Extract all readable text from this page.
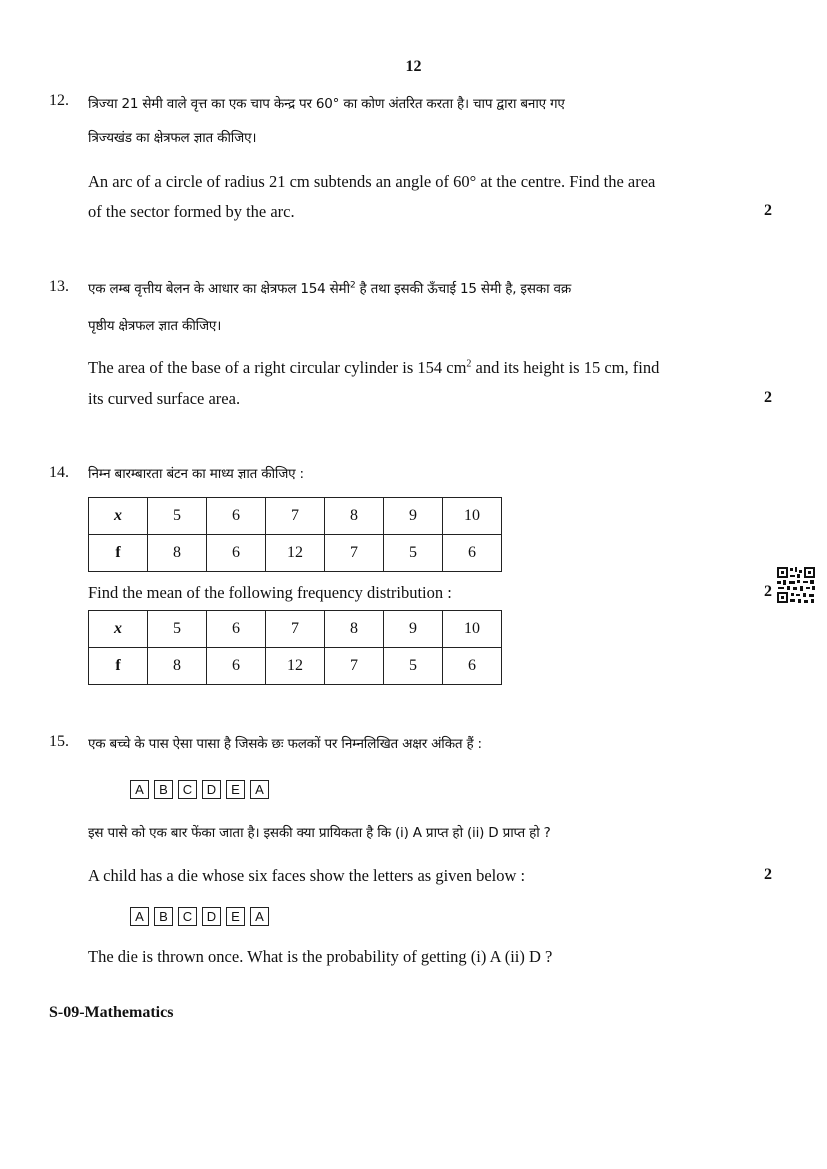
12
12. त्रिज्या 21 सेमी वाले वृत्त का एक चाप केन्द्र पर 60° का कोण अंतरित करता है। चाप द्वारा बनाए गए
त्रिज्यखंड का क्षेत्रफल ज्ञात कीजिए।
An arc of a circle of radius 21 cm subtends an angle of 60° at the centre. Find the area
of the sector formed by the arc.	2
13. एक लम्ब वृत्तीय बेलन के आधार का क्षेत्रफल 154 सेमी$^2$ है तथा इसकी ऊँचाई 15 सेमी है, इसका वक्र
पृष्ठीय क्षेत्रफल ज्ञात कीजिए।
The area of the base of a right circular cylinder is 154 $cm^2$ and its height is 15 cm, find
its curved surface area.	2
14. निम्न बारम्बारता बंटन का माध्य ज्ञात कीजिए :
x	5	6	7	8	9	10
f	8	6	12	7	5	6
Find the mean of the following frequency distribution :	2
x	5	6	7	8	9	10
f	8	6	12	7	5	6
15. एक बच्चे के पास ऐसा पासा है जिसके छः फलकों पर निम्नलिखित अक्षर अंकित हैं :
A	B	C	D	E	A
इस पासे को एक बार फेंका जाता है। इसकी क्या प्रायिकता है कि (i) A प्राप्त हो (ii) D प्राप्त हो ?
A child has a die whose six faces show the letters as given below :	2
A	B	C	D	E	A
The die is thrown once. What is the probability of getting (i) A (ii) D ?
S-09-Mathematics
